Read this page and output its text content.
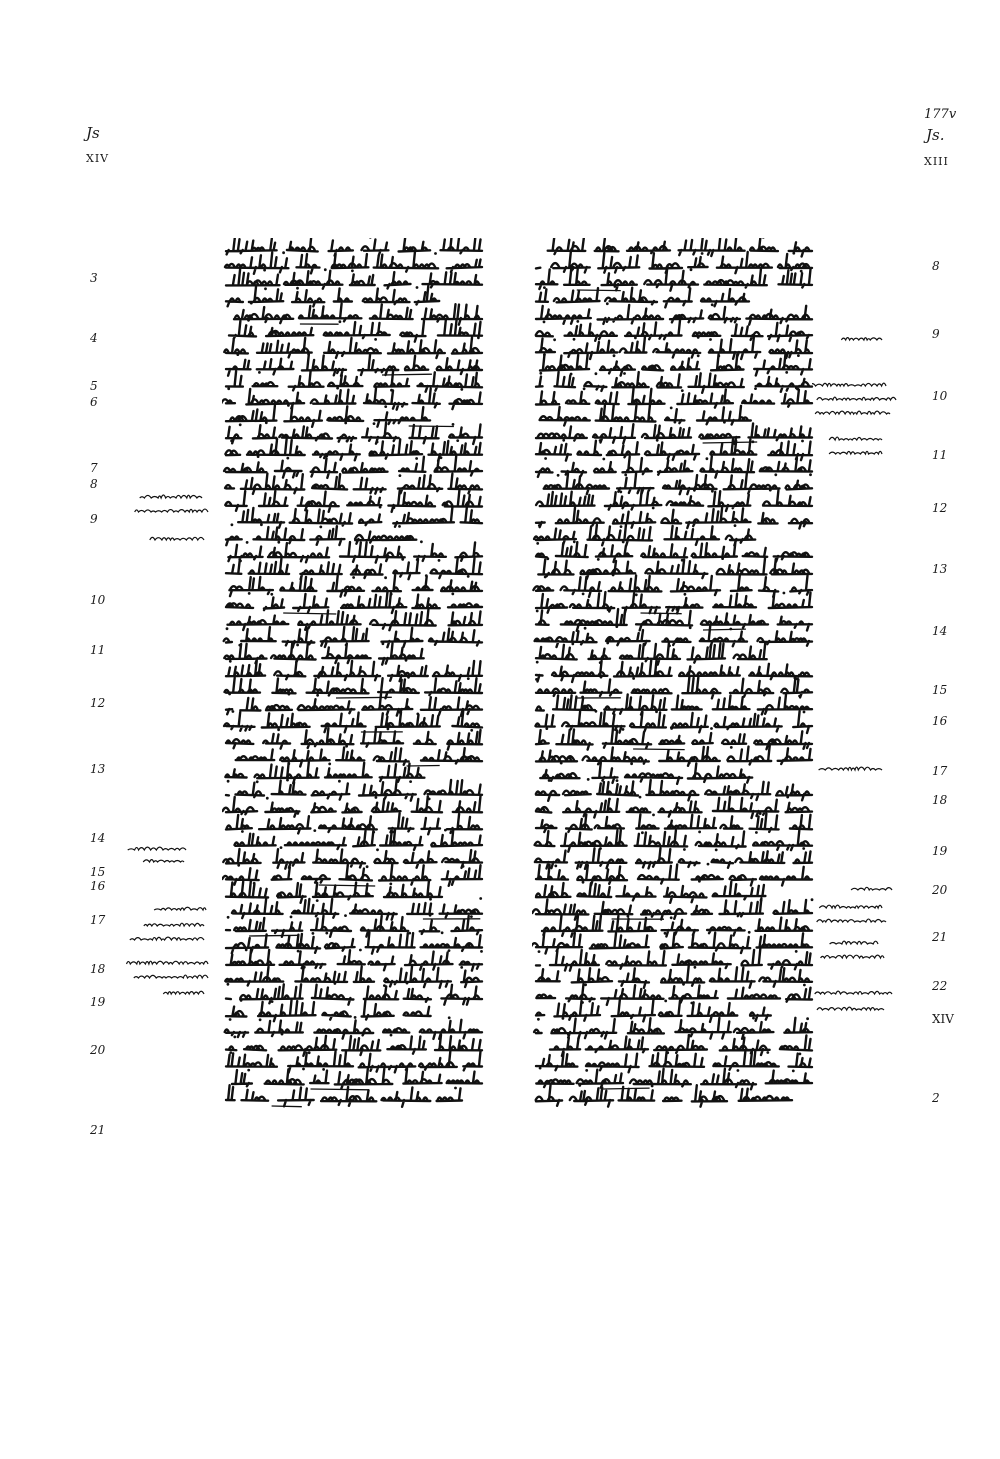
Js
XIV
177v
Js.
XIII
3
4
5
6
7
8
9
10
11
12
13
14
15
16
17
18
19
20
21
8
9
10
11
12
13
14
15
16
17
18
19
20
21
22
XIV
2
